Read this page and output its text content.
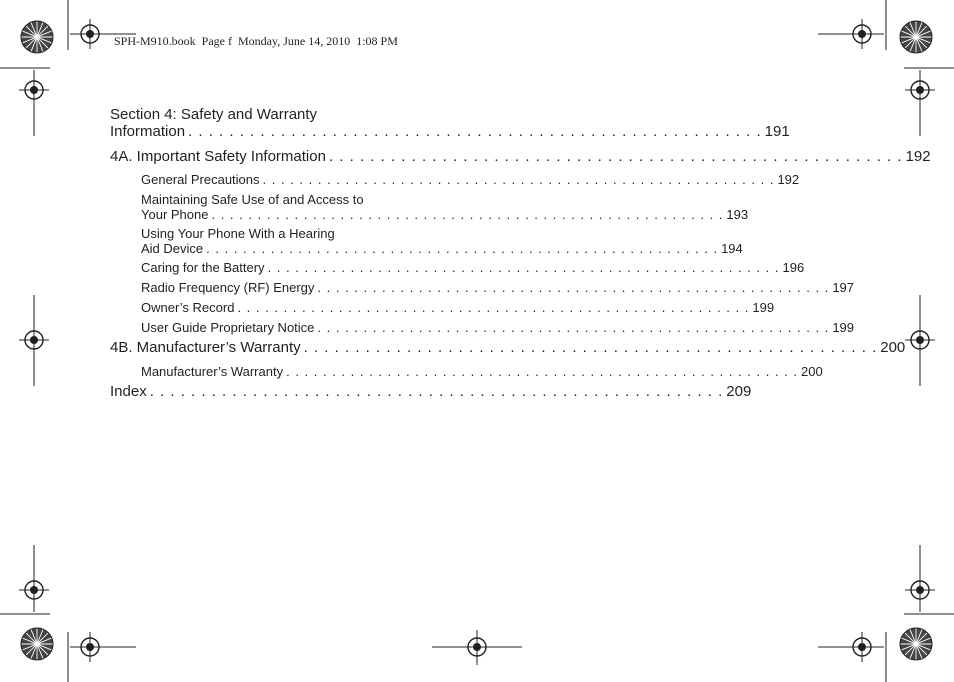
SPH-M910.book  Page f  Monday, June 14, 2010  1:08 PM
Section 4: Safety and Warranty
Information . . . . . . . . . . . . . . . . . . . . . . . . . . . . . . . . . . . . . . . . . . . . . . . . . . . . . . . . 191
4A. Important Safety Information . . . . . . . . . . . . . . . . . . . . . . . . . . . . . . . . . . . . . . . . . . . . . . . . . . . . . . . . 192
General Precautions . . . . . . . . . . . . . . . . . . . . . . . . . . . . . . . . . . . . . . . . . . . . . . . . . . . . . . . . 192
Maintaining Safe Use of and Access to
Your Phone . . . . . . . . . . . . . . . . . . . . . . . . . . . . . . . . . . . . . . . . . . . . . . . . . . . . . . . . 193
Using Your Phone With a Hearing
Aid Device . . . . . . . . . . . . . . . . . . . . . . . . . . . . . . . . . . . . . . . . . . . . . . . . . . . . . . . . 194
Caring for the Battery . . . . . . . . . . . . . . . . . . . . . . . . . . . . . . . . . . . . . . . . . . . . . . . . . . . . . . . . 196
Radio Frequency (RF) Energy . . . . . . . . . . . . . . . . . . . . . . . . . . . . . . . . . . . . . . . . . . . . . . . . . . . . . . . . 197
Owner’s Record . . . . . . . . . . . . . . . . . . . . . . . . . . . . . . . . . . . . . . . . . . . . . . . . . . . . . . . . 199
User Guide Proprietary Notice . . . . . . . . . . . . . . . . . . . . . . . . . . . . . . . . . . . . . . . . . . . . . . . . . . . . . . . . 199
4B. Manufacturer’s Warranty . . . . . . . . . . . . . . . . . . . . . . . . . . . . . . . . . . . . . . . . . . . . . . . . . . . . . . . . 200
Manufacturer’s Warranty . . . . . . . . . . . . . . . . . . . . . . . . . . . . . . . . . . . . . . . . . . . . . . . . . . . . . . . . 200
Index . . . . . . . . . . . . . . . . . . . . . . . . . . . . . . . . . . . . . . . . . . . . . . . . . . . . . . . . 209
